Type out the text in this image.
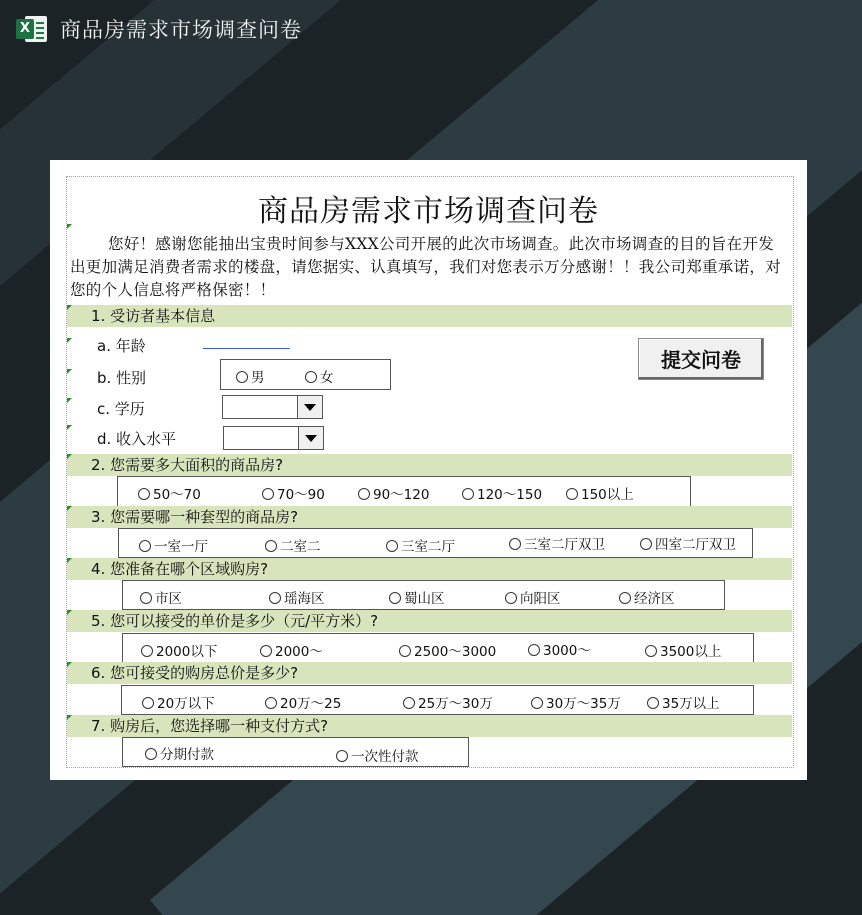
X 商品房需求市场调查问卷
商品房需求市场调查问卷
您好！感谢您能抽出宝贵时间参与XXX公司开展的此次市场调查。此次市场调查的目的旨在开发出更加满足消费者需求的楼盘，请您据实、认真填写，我们对您表示万分感谢！！我公司郑重承诺，对您的个人信息将严格保密！！
1. 受访者基本信息
a. 年龄
b. 性别	男	女
c. 学历
d. 收入水平
提交问卷
2. 您需要多大面积的商品房?
50～70	70～90	90～120	120～150	150以上
3. 您需要哪一种套型的商品房?
一室一厅	二室二	三室二厅	三室二厅双卫	四室二厅双卫
4. 您准备在哪个区域购房?
市区	瑶海区	蜀山区	向阳区	经济区
5. 您可以接受的单价是多少（元/平方米）?
2000以下	2000～	2500～3000	3000～	3500以上
6. 您可接受的购房总价是多少?
20万以下	20万～25	25万～30万	30万～35万	35万以上
7. 购房后，您选择哪一种支付方式?
分期付款	一次性付款
